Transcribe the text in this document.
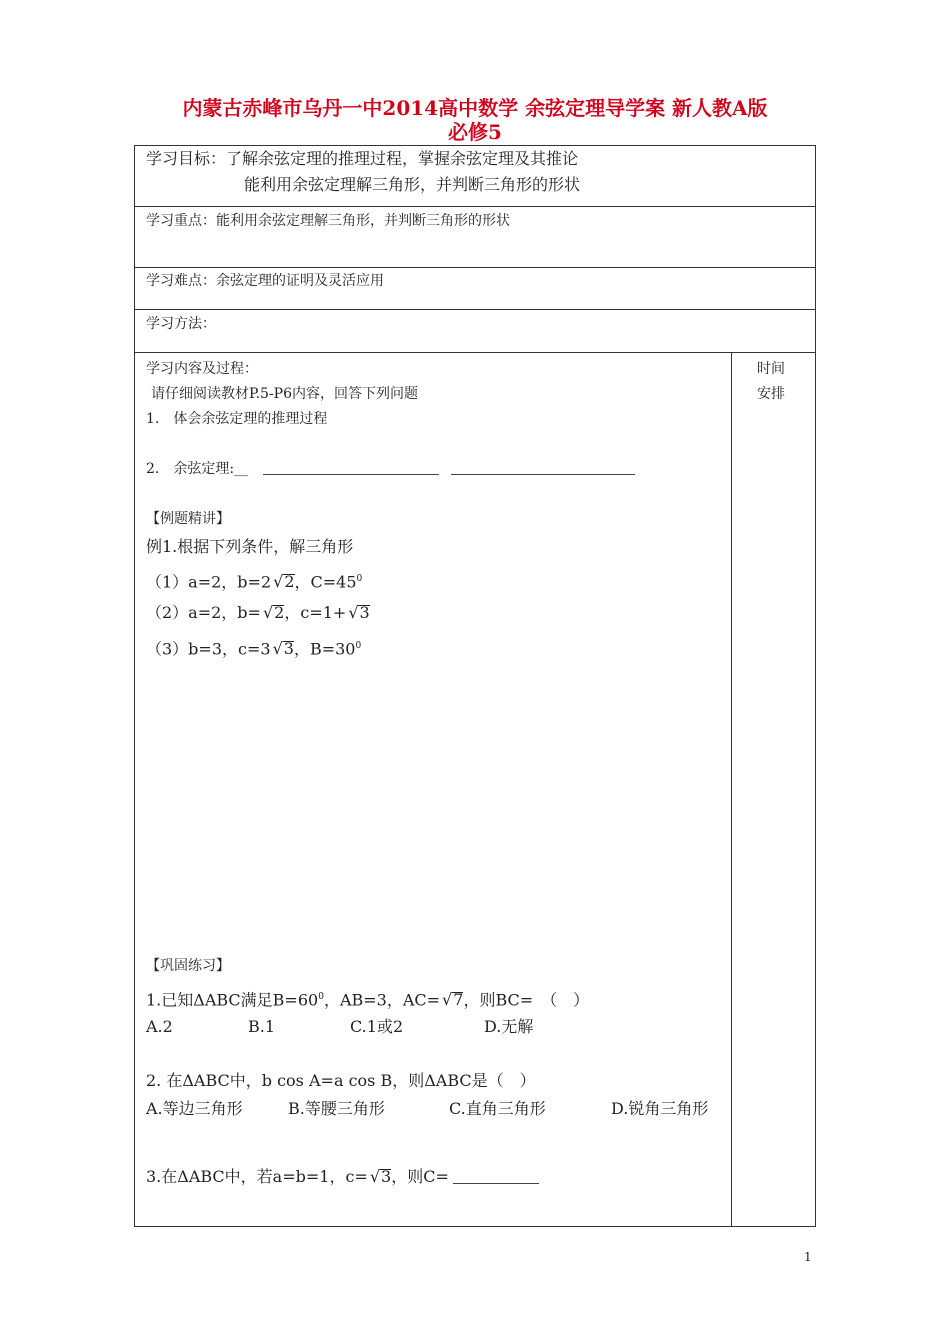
内蒙古赤峰市乌丹一中2014高中数学 余弦定理导学案 新人教A版
必修5
学习目标：了解余弦定理的推理过程，掌握余弦定理及其推论
能利用余弦定理解三角形，并判断三角形的形状
学习重点：能利用余弦定理解三角形，并判断三角形的形状
学习难点：余弦定理的证明及灵活应用
学习方法：
学习内容及过程：	时间
安排
请仔细阅读教材P.5-P6内容，回答下列问题
1.　体会余弦定理的推理过程
2.　余弦定理:__
【例题精讲】
例1.根据下列条件，解三角形
（1）a=2，b=2 √ 2，$C=45^0$
（2）a=2，b= √ 2，c=1+ √ 3
（3）b=3，c=3 √ 3，$B=30^0$
【巩固练习】
1.已知ΔABC满足$B=60^0$，AB=3，AC= √ 7，则BC=　（　）
A.2	B.1	C.1或2	D.无解
2. 在ΔABC中，b cos A=a cos B，则ΔABC是（　）
A.等边三角形	B.等腰三角形	C.直角三角形	D.锐角三角形
3.在ΔABC中，若a=b=1，c= √ 3，则C=
1
